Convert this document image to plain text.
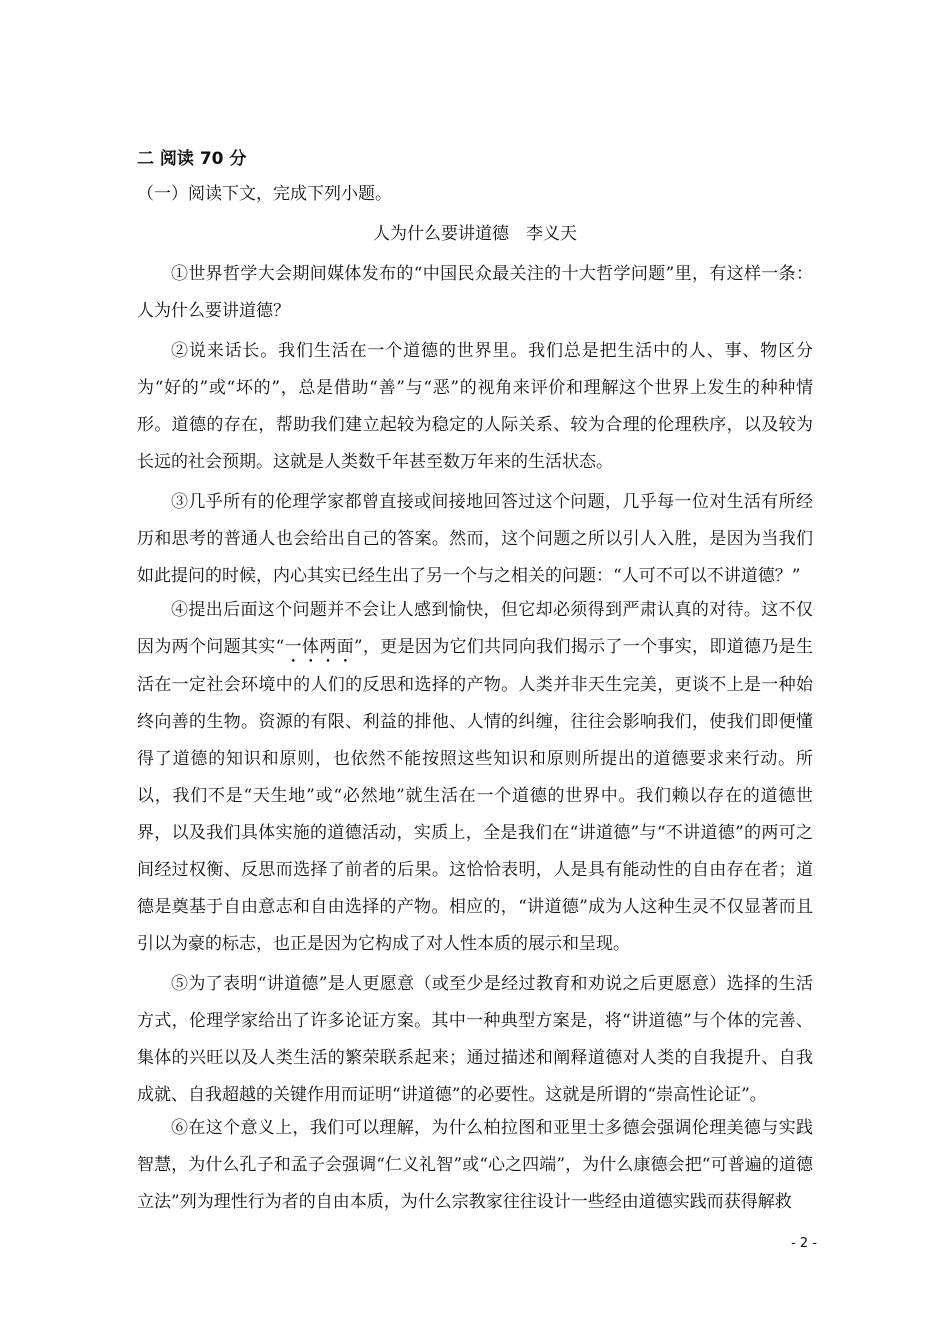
二 阅读 70 分
（一）阅读下文，完成下列小题。
人为什么要讲道德　李义天

①世界哲学大会期间媒体发布的“中国民众最关注的十大哲学问题”里，有这样一条：人为什么要讲道德？

②说来话长。我们生活在一个道德的世界里。我们总是把生活中的人、事、物区分为“好的”或“坏的”，总是借助“善”与“恶”的视角来评价和理解这个世界上发生的种种情形。道德的存在，帮助我们建立起较为稳定的人际关系、较为合理的伦理秩序，以及较为长远的社会预期。这就是人类数千年甚至数万年来的生活状态。

③几乎所有的伦理学家都曾直接或间接地回答过这个问题，几乎每一位对生活有所经历和思考的普通人也会给出自己的答案。然而，这个问题之所以引人入胜，是因为当我们如此提问的时候，内心其实已经生出了另一个与之相关的问题：“人可不可以不讲道德？”

④提出后面这个问题并不会让人感到愉快，但它却必须得到严肃认真的对待。这不仅因为两个问题其实“一体两面”，更是因为它们共同向我们揭示了一个事实，即道德乃是生活在一定社会环境中的人们的反思和选择的产物。人类并非天生完美，更谈不上是一种始终向善的生物。资源的有限、利益的排他、人情的纠缠，往往会影响我们，使我们即便懂得了道德的知识和原则，也依然不能按照这些知识和原则所提出的道德要求来行动。所以，我们不是“天生地”或“必然地”就生活在一个道德的世界中。我们赖以存在的道德世界，以及我们具体实施的道德活动，实质上，全是我们在“讲道德”与“不讲道德”的两可之间经过权衡、反思而选择了前者的后果。这恰恰表明，人是具有能动性的自由存在者；道德是奠基于自由意志和自由选择的产物。相应的，“讲道德”成为人这种生灵不仅显著而且引以为豪的标志，也正是因为它构成了对人性本质的展示和呈现。

⑤为了表明“讲道德”是人更愿意（或至少是经过教育和劝说之后更愿意）选择的生活方式，伦理学家给出了许多论证方案。其中一种典型方案是，将“讲道德”与个体的完善、集体的兴旺以及人类生活的繁荣联系起来；通过描述和阐释道德对人类的自我提升、自我成就、自我超越的关键作用而证明“讲道德”的必要性。这就是所谓的“崇高性论证”。

⑥在这个意义上，我们可以理解，为什么柏拉图和亚里士多德会强调伦理美德与实践智慧，为什么孔子和孟子会强调“仁义礼智”或“心之四端”，为什么康德会把“可普遍的道德立法”列为理性行为者的自由本质，为什么宗教家往往设计一些经由道德实践而获得解救

- 2 -
